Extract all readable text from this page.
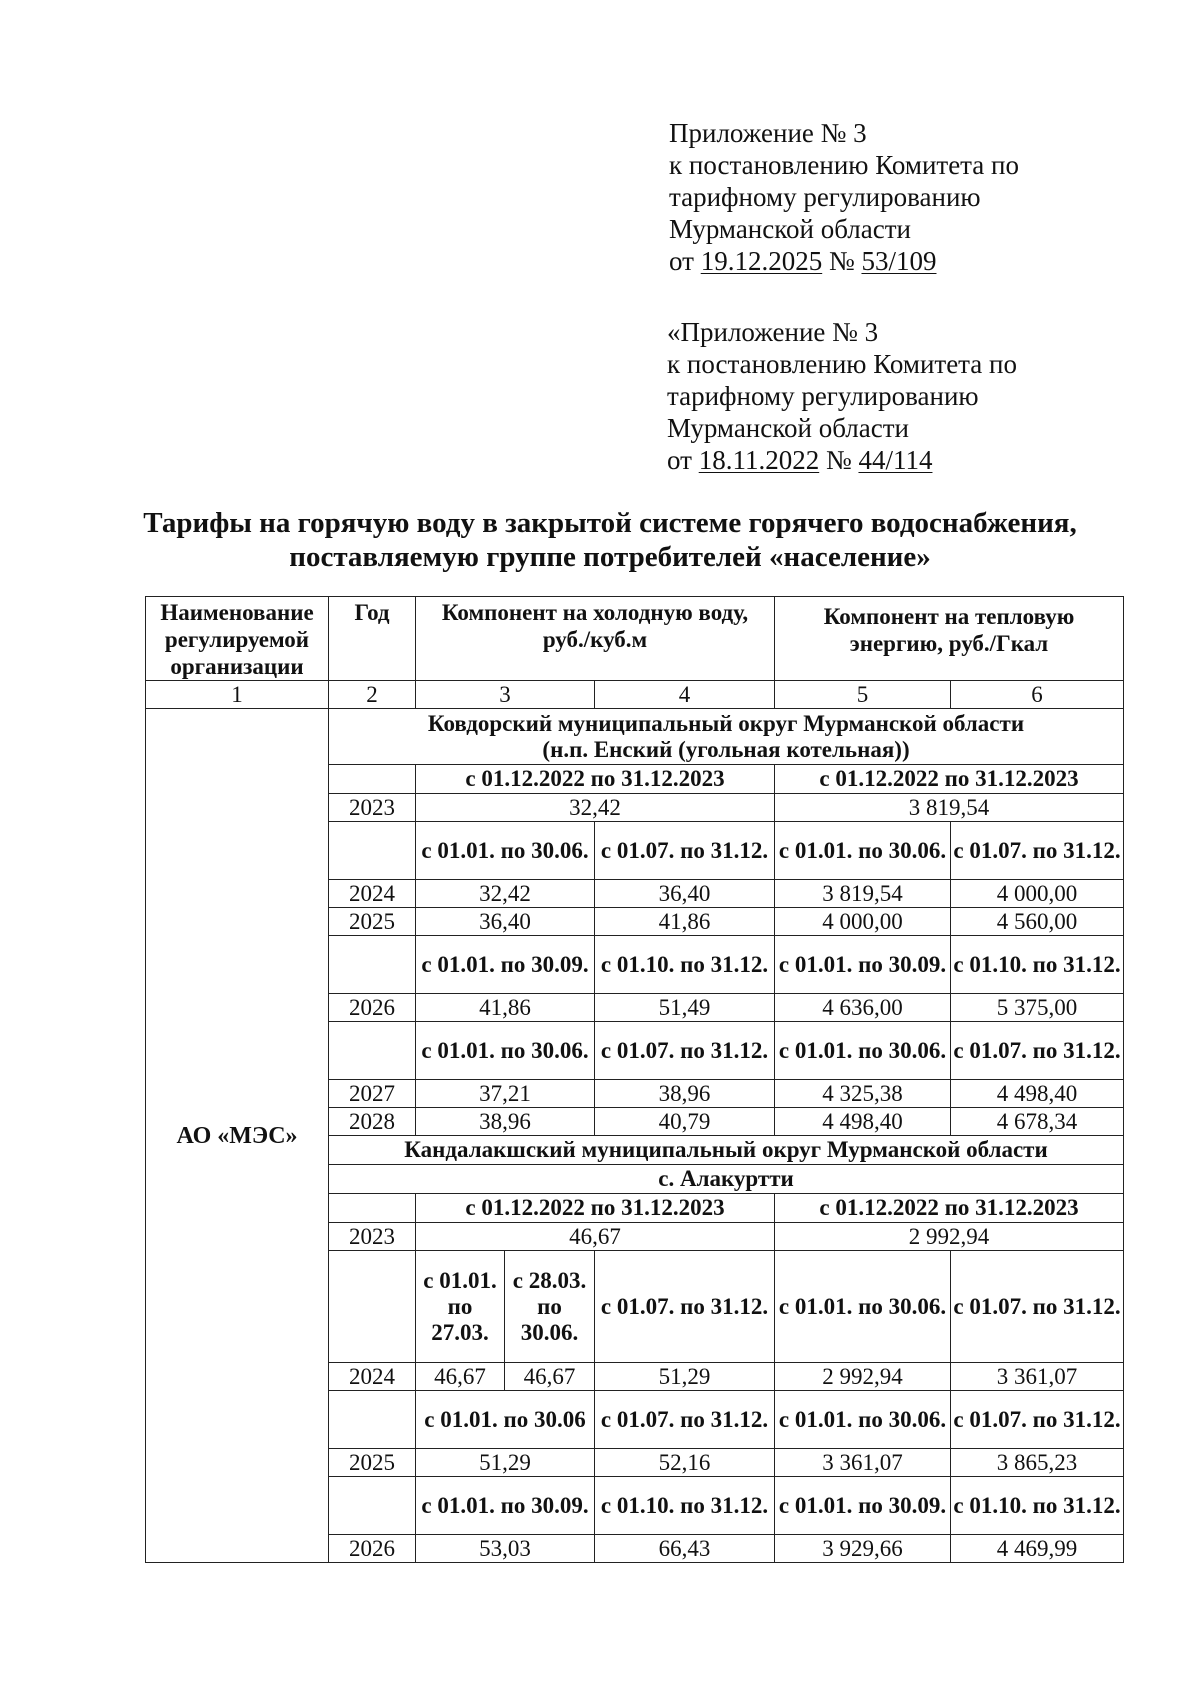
Приложение № 3
к постановлению Комитета по
тарифному регулированию
Мурманской области
от 19.12.2025 № 53/109
«Приложение № 3
к постановлению Комитета по
тарифному регулированию
Мурманской области
от 18.11.2022 № 44/114
Тарифы на горячую воду в закрытой системе горячего водоснабжения,
поставляемую группе потребителей «население»
Наименование регулируемой организации	Год	Компонент на холодную воду, руб./куб.м			Компонент на тепловую энергию, руб./Гкал	
1	2	3		4	5	6
АО «МЭС»	Ковдорский муниципальный округ Мурманской области
(н.п. Енский (угольная котельная))					

		с 01.12.2022 по 31.12.2023			с 01.12.2022 по 31.12.2023	
	2023	32,42			3 819,54	
		с 01.01. по 30.06.		с 01.07. по 31.12.	с 01.01. по 30.06.	с 01.07. по 31.12.
	2024	32,42		36,40	3 819,54	4 000,00
	2025	36,40		41,86	4 000,00	4 560,00
		с 01.01. по 30.09.		с 01.10. по 31.12.	с 01.01. по 30.09.	с 01.10. по 31.12.
	2026	41,86		51,49	4 636,00	5 375,00
		с 01.01. по 30.06.		с 01.07. по 31.12.	с 01.01. по 30.06.	с 01.07. по 31.12.
	2027	37,21		38,96	4 325,38	4 498,40
	2028	38,96		40,79	4 498,40	4 678,34
	Кандалакшский муниципальный округ Мурманской области					
	с. Алакуртти					
		с 01.12.2022 по 31.12.2023			с 01.12.2022 по 31.12.2023	
	2023	46,67			2 992,94	
		с 01.01. по 27.03.	с 28.03. по 30.06.	с 01.07. по 31.12.	с 01.01. по 30.06.	с 01.07. по 31.12.
	2024	46,67	46,67	51,29	2 992,94	3 361,07
		с 01.01. по 30.06		с 01.07. по 31.12.	с 01.01. по 30.06.	с 01.07. по 31.12.
	2025	51,29		52,16	3 361,07	3 865,23
		с 01.01. по 30.09.		с 01.10. по 31.12.	с 01.01. по 30.09.	с 01.10. по 31.12.
	2026	53,03		66,43	3 929,66	4 469,99
